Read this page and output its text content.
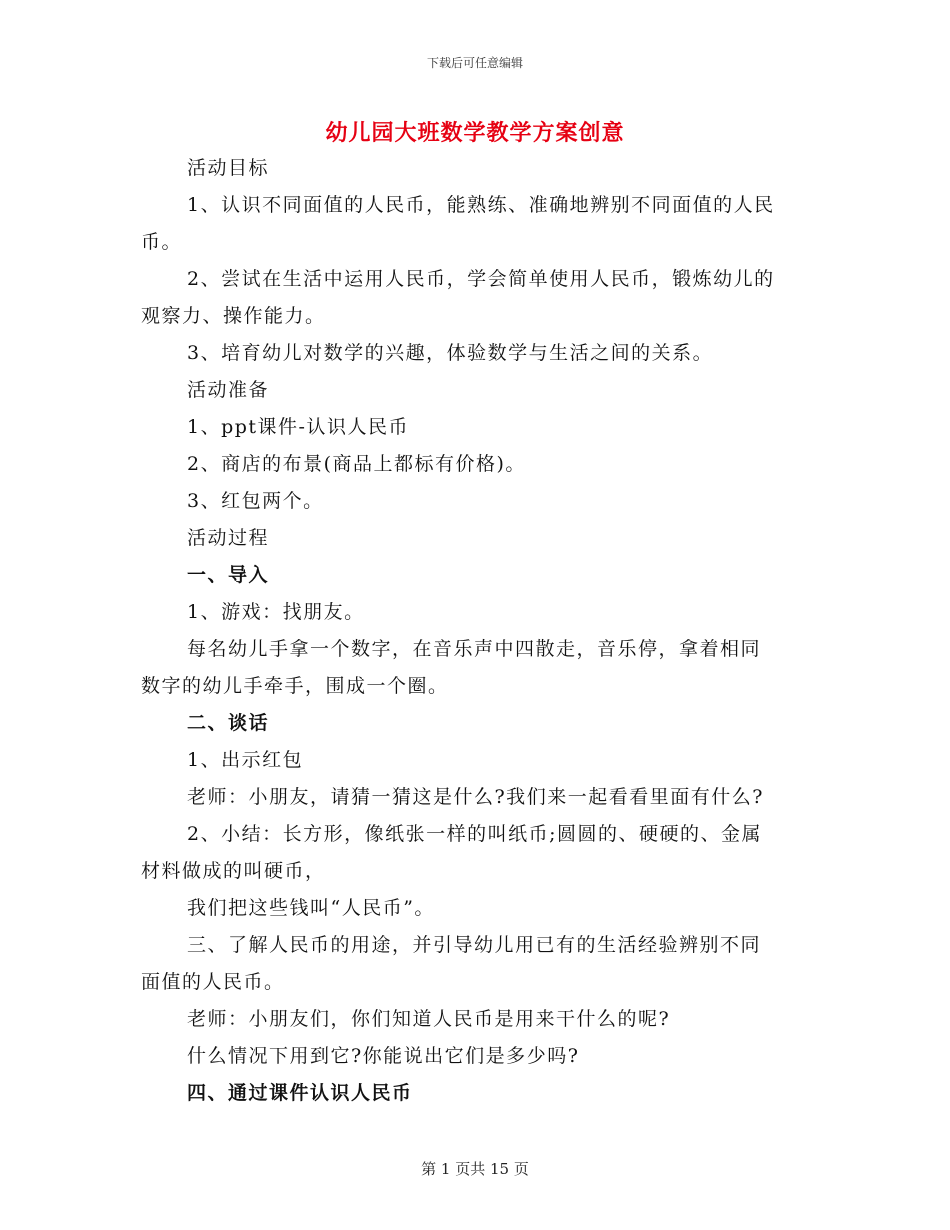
下载后可任意编辑
幼儿园大班数学教学方案创意

活动目标

1、认识不同面值的人民币，能熟练、准确地辨别不同面值的人民

币。

2、尝试在生活中运用人民币，学会简单使用人民币，锻炼幼儿的

观察力、操作能力。

3、培育幼儿对数学的兴趣，体验数学与生活之间的关系。

活动准备

1、ppt课件-认识人民币

2、商店的布景(商品上都标有价格)。

3、红包两个。

活动过程

一、导入

1、游戏：找朋友。

每名幼儿手拿一个数字，在音乐声中四散走，音乐停，拿着相同

数字的幼儿手牵手，围成一个圈。

二、谈话

1、出示红包

老师：小朋友，请猜一猜这是什么?我们来一起看看里面有什么?

2、小结：长方形，像纸张一样的叫纸币;圆圆的、硬硬的、金属

材料做成的叫硬币，

我们把这些钱叫“人民币”。

三、了解人民币的用途，并引导幼儿用已有的生活经验辨别不同

面值的人民币。

老师：小朋友们，你们知道人民币是用来干什么的呢?

什么情况下用到它?你能说出它们是多少吗?

四、通过课件认识人民币

第 1 页共 15 页
